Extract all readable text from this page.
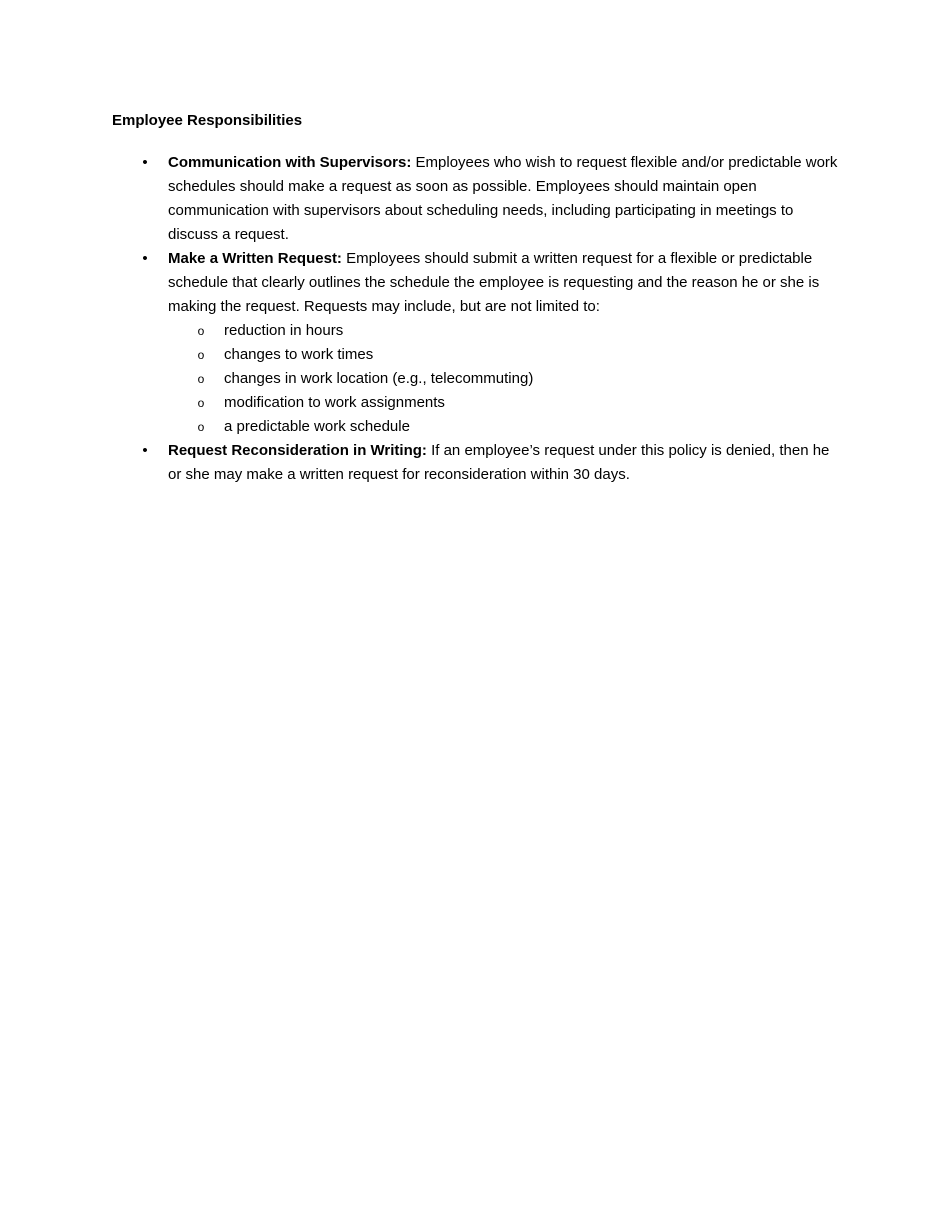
Employee Responsibilities

• Communication with Supervisors: Employees who wish to request flexible and/or predictable work schedules should make a request as soon as possible. Employees should maintain open communication with supervisors about scheduling needs, including participating in meetings to discuss a request.
• Make a Written Request: Employees should submit a written request for a flexible or predictable schedule that clearly outlines the schedule the employee is requesting and the reason he or she is making the request. Requests may include, but are not limited to:
o reduction in hours
o changes to work times
o changes in work location (e.g., telecommuting)
o modification to work assignments
o a predictable work schedule
• Request Reconsideration in Writing: If an employee’s request under this policy is denied, then he or she may make a written request for reconsideration within 30 days.
